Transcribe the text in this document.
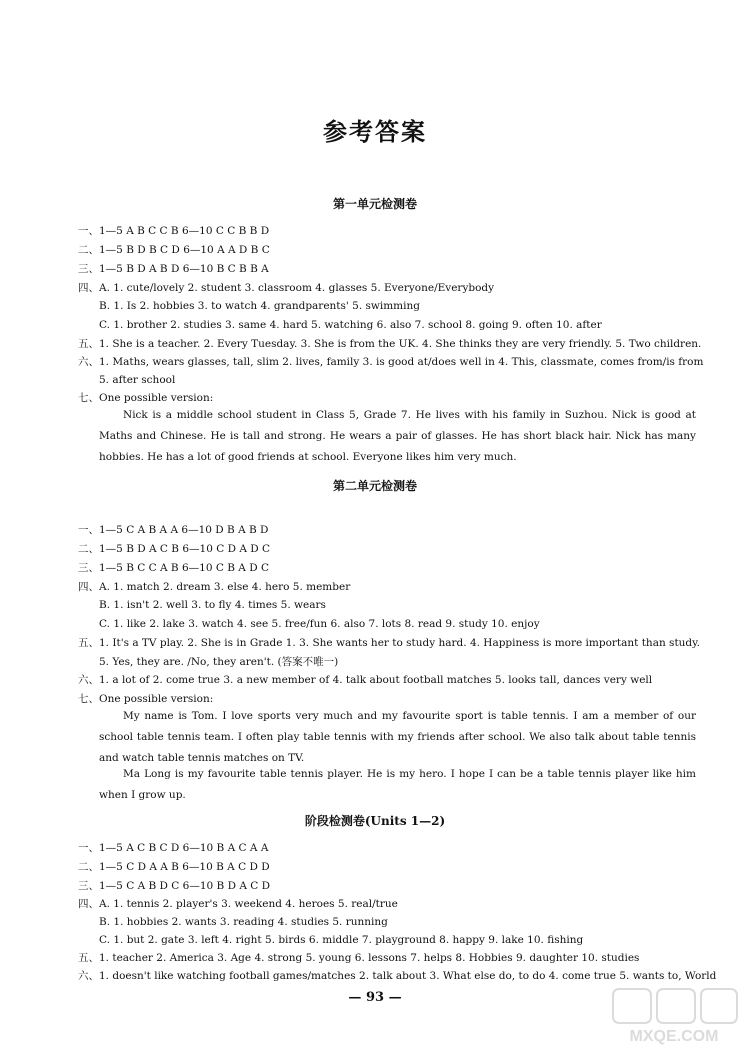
参考答案
第一单元检测卷
一、1—5 A B C C B 6—10 C C B B D
二、1—5 B D B C D 6—10 A A D B C
三、1—5 B D A B D 6—10 B C B B A
四、A. 1. cute/lovely 2. student 3. classroom 4. glasses 5. Everyone/Everybody
B. 1. Is 2. hobbies 3. to watch 4. grandparents' 5. swimming
C. 1. brother 2. studies 3. same 4. hard 5. watching 6. also 7. school 8. going 9. often 10. after
五、1. She is a teacher. 2. Every Tuesday. 3. She is from the UK. 4. She thinks they are very friendly. 5. Two children.
六、1. Maths, wears glasses, tall, slim 2. lives, family 3. is good at/does well in 4. This, classmate, comes from/is from
5. after school
七、One possible version:
Nick is a middle school student in Class 5, Grade 7. He lives with his family in Suzhou. Nick is good at Maths and Chinese. He is tall and strong. He wears a pair of glasses. He has short black hair. Nick has many hobbies. He has a lot of good friends at school. Everyone likes him very much.
第二单元检测卷
一、1—5 C A B A A 6—10 D B A B D
二、1—5 B D A C B 6—10 C D A D C
三、1—5 B C C A B 6—10 C B A D C
四、A. 1. match 2. dream 3. else 4. hero 5. member
B. 1. isn't 2. well 3. to fly 4. times 5. wears
C. 1. like 2. lake 3. watch 4. see 5. free/fun 6. also 7. lots 8. read 9. study 10. enjoy
五、1. It's a TV play. 2. She is in Grade 1. 3. She wants her to study hard. 4. Happiness is more important than study.
5. Yes, they are. /No, they aren't. (答案不唯一)
六、1. a lot of 2. come true 3. a new member of 4. talk about football matches 5. looks tall, dances very well
七、One possible version:
My name is Tom. I love sports very much and my favourite sport is table tennis. I am a member of our school table tennis team. I often play table tennis with my friends after school. We also talk about table tennis and watch table tennis matches on TV.
Ma Long is my favourite table tennis player. He is my hero. I hope I can be a table tennis player like him when I grow up.
阶段检测卷(Units 1—2)
一、1—5 A C B C D 6—10 B A C A A
二、1—5 C D A A B 6—10 B A C D D
三、1—5 C A B D C 6—10 B D A C D
四、A. 1. tennis 2. player's 3. weekend 4. heroes 5. real/true
B. 1. hobbies 2. wants 3. reading 4. studies 5. running
C. 1. but 2. gate 3. left 4. right 5. birds 6. middle 7. playground 8. happy 9. lake 10. fishing
五、1. teacher 2. America 3. Age 4. strong 5. young 6. lessons 7. helps 8. Hobbies 9. daughter 10. studies
六、1. doesn't like watching football games/matches 2. talk about 3. What else do, to do 4. come true 5. wants to, World
— 93 —
MXQE.COM
